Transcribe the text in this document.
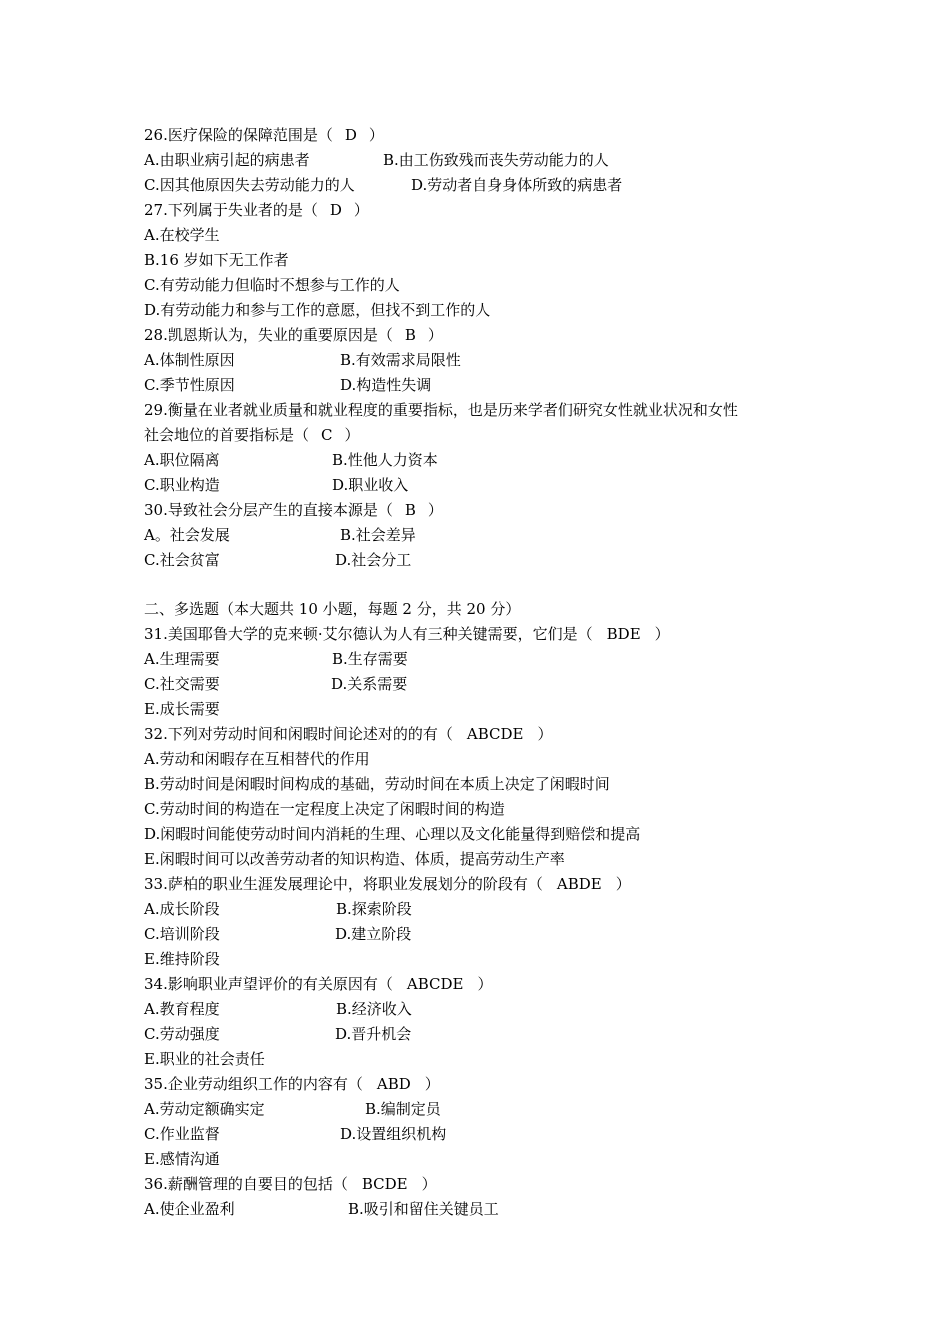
26.医疗保险的保障范围是（ D ）
A.由职业病引起的病患者	B.由工伤致残而丧失劳动能力的人
C.因其他原因失去劳动能力的人	D.劳动者自身身体所致的病患者
27.下列属于失业者的是（ D ）
A.在校学生
B.16 岁如下无工作者
C.有劳动能力但临时不想参与工作的人
D.有劳动能力和参与工作的意愿，但找不到工作的人
28.凯恩斯认为，失业的重要原因是（ B ）
A.体制性原因	B.有效需求局限性
C.季节性原因	D.构造性失调
29.衡量在业者就业质量和就业程度的重要指标，也是历来学者们研究女性就业状况和女性
社会地位的首要指标是（ C ）
A.职位隔离	B.性他人力资本
C.职业构造	D.职业收入
30.导致社会分层产生的直接本源是（ B ）
A。社会发展	B.社会差异
C.社会贫富	D.社会分工
二、多选题（本大题共 10 小题，每题 2 分，共 20 分）
31.美国耶鲁大学的克来顿·艾尔德认为人有三种关键需要，它们是（ BDE ）
A.生理需要	B.生存需要
C.社交需要	D.关系需要
E.成长需要
32.下列对劳动时间和闲暇时间论述对的的有（ ABCDE ）
A.劳动和闲暇存在互相替代的作用
B.劳动时间是闲暇时间构成的基础，劳动时间在本质上决定了闲暇时间
C.劳动时间的构造在一定程度上决定了闲暇时间的构造
D.闲暇时间能使劳动时间内消耗的生理、心理以及文化能量得到赔偿和提高
E.闲暇时间可以改善劳动者的知识构造、体质，提高劳动生产率
33.萨柏的职业生涯发展理论中，将职业发展划分的阶段有（ ABDE ）
A.成长阶段	B.探索阶段
C.培训阶段	D.建立阶段
E.维持阶段
34.影响职业声望评价的有关原因有（ ABCDE ）
A.教育程度	B.经济收入
C.劳动强度	D.晋升机会
E.职业的社会责任
35.企业劳动组织工作的内容有（ ABD ）
A.劳动定额确实定	B.编制定员
C.作业监督	D.设置组织机构
E.感情沟通
36.薪酬管理的自要目的包括（ BCDE ）
A.使企业盈利	B.吸引和留住关键员工
